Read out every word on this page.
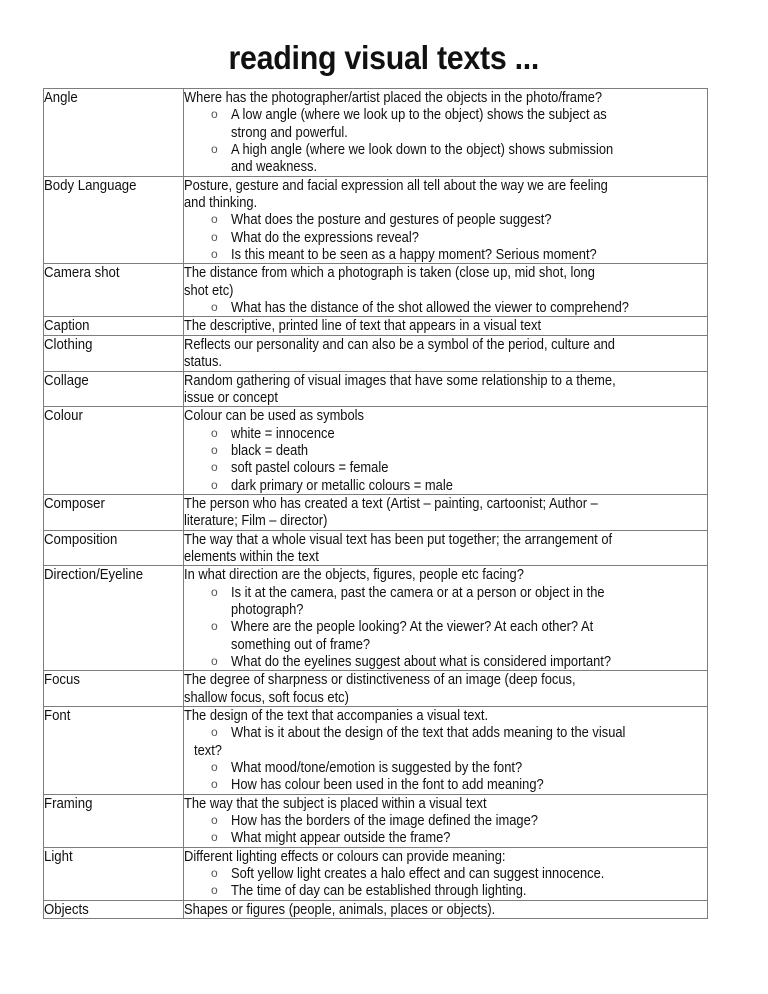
reading visual texts ...
Angle	Where has the photographer/artist placed the objects in the photo/frame?
o A low angle (where we look up to the object) shows the subject as
strong and powerful.
o A high angle (where we look down to the object) shows submission
and weakness.

Body Language	Posture, gesture and facial expression all tell about the way we are feeling
and thinking.
o What does the posture and gestures of people suggest?
o What do the expressions reveal?
o Is this meant to be seen as a happy moment? Serious moment?

Camera shot	The distance from which a photograph is taken (close up, mid shot, long
shot etc)
o What has the distance of the shot allowed the viewer to comprehend?

Caption	The descriptive, printed line of text that appears in a visual text

Clothing	Reflects our personality and can also be a symbol of the period, culture and
status.

Collage	Random gathering of visual images that have some relationship to a theme,
issue or concept

Colour	Colour can be used as symbols
o white = innocence
o black = death
o soft pastel colours = female
o dark primary or metallic colours = male

Composer	The person who has created a text (Artist – painting, cartoonist; Author –
literature; Film – director)

Composition	The way that a whole visual text has been put together; the arrangement of
elements within the text

Direction/Eyeline	In what direction are the objects, figures, people etc facing?
o Is it at the camera, past the camera or at a person or object in the
photograph?
o Where are the people looking? At the viewer? At each other? At
something out of frame?
o What do the eyelines suggest about what is considered important?

Focus	The degree of sharpness or distinctiveness of an image (deep focus,
shallow focus, soft focus etc)

Font	The design of the text that accompanies a visual text.
o What is it about the design of the text that adds meaning to the visual
text?
o What mood/tone/emotion is suggested by the font?
o How has colour been used in the font to add meaning?

Framing	The way that the subject is placed within a visual text
o How has the borders of the image defined the image?
o What might appear outside the frame?

Light	Different lighting effects or colours can provide meaning:
o Soft yellow light creates a halo effect and can suggest innocence.
o The time of day can be established through lighting.

Objects	Shapes or figures (people, animals, places or objects).
